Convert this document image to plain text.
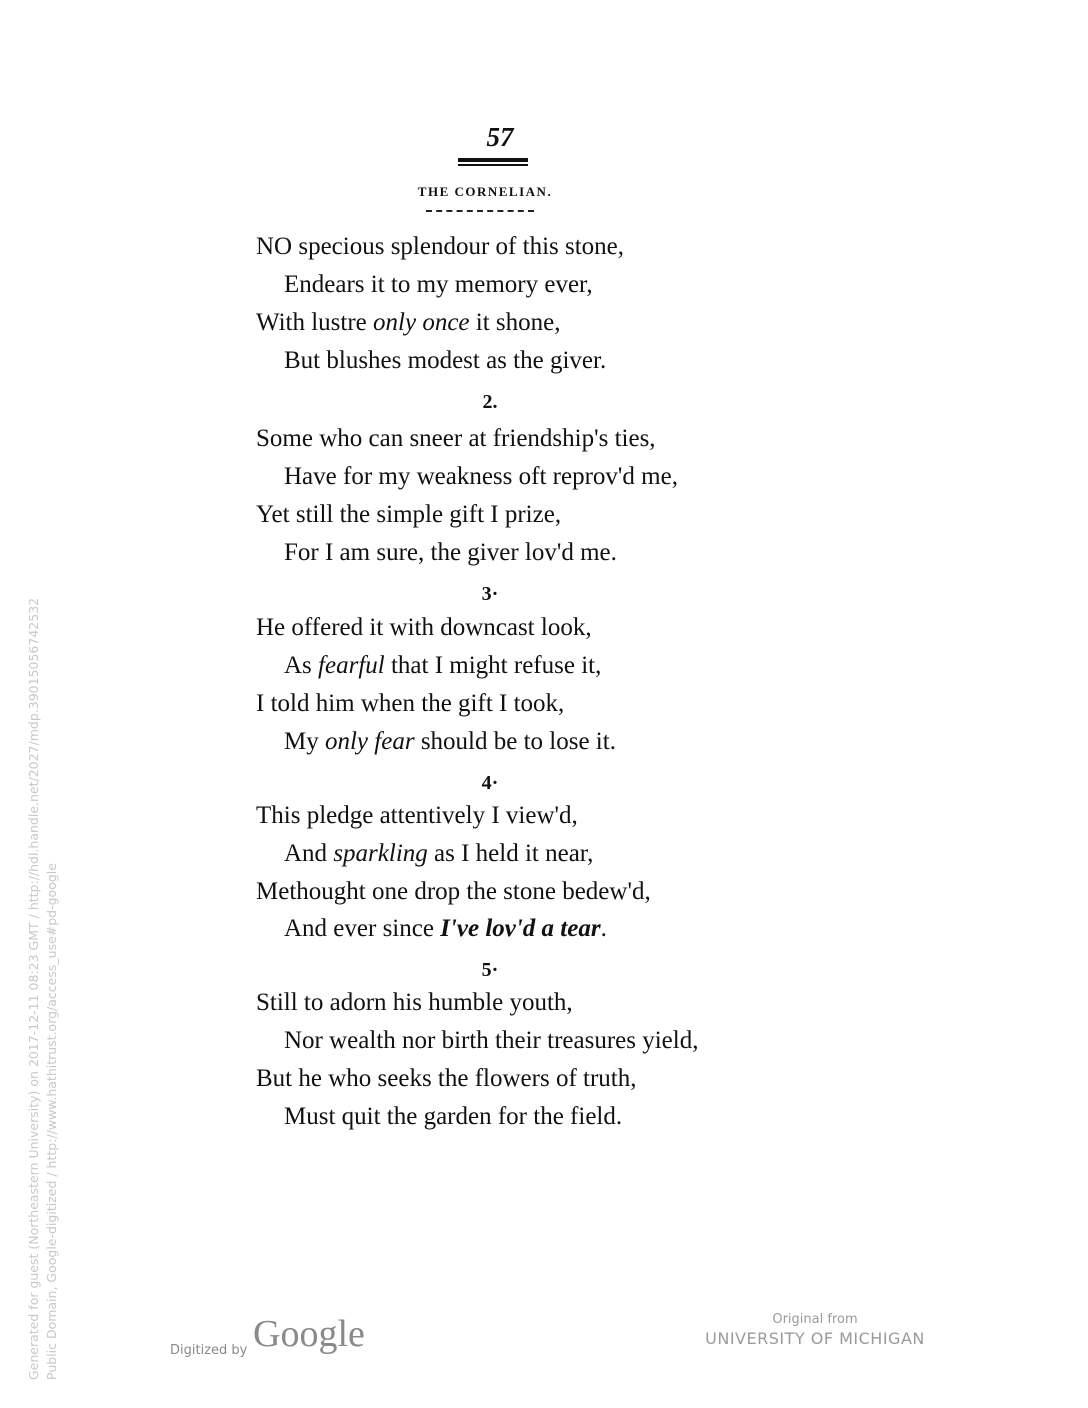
57
THE CORNELIAN.
NO specious splendour of this stone,
Endears it to my memory ever,
With lustre only once it shone,
But blushes modest as the giver.
2.
Some who can sneer at friendship's ties,
Have for my weakness oft reprov'd me,
Yet still the simple gift I prize,
For I am sure, the giver lov'd me.
3·
He offered it with downcast look,
As fearful that I might refuse it,
I told him when the gift I took,
My only fear should be to lose it.
4·
This pledge attentively I view'd,
And sparkling as I held it near,
Methought one drop the stone bedew'd,
And ever since I've lov'd a tear.
5·
Still to adorn his humble youth,
Nor wealth nor birth their treasures yield,
But he who seeks the flowers of truth,
Must quit the garden for the field.
Generated for guest (Northeastern University) on 2017-12-11 08:23 GMT / http://hdl.handle.net/2027/mdp.39015056742532 Public Domain, Google-digitized / http://www.hathitrust.org/access_use#pd-google	Digitized by Google	Original from
UNIVERSITY OF MICHIGAN
